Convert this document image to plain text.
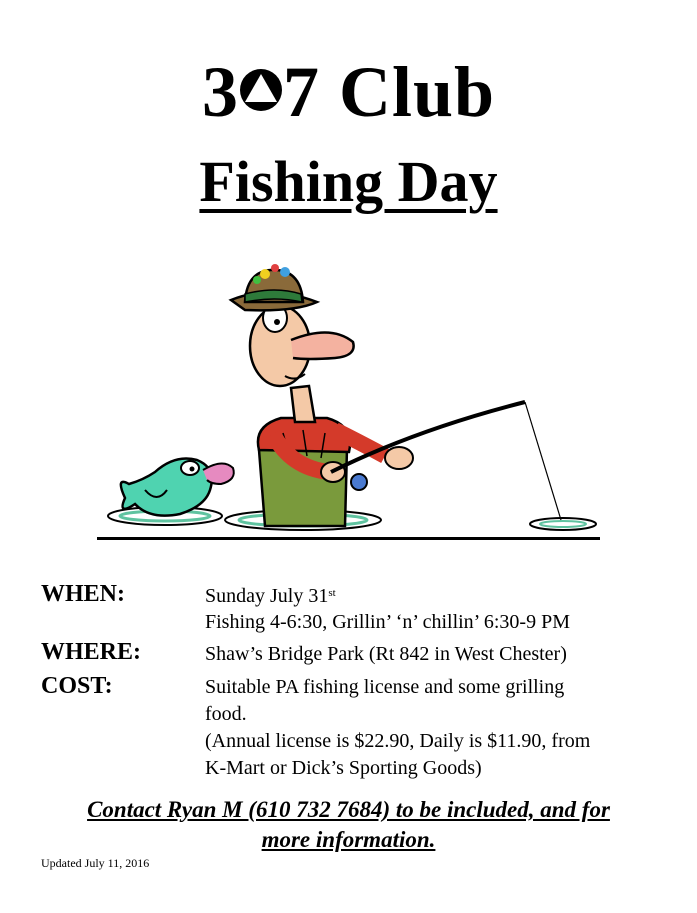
3 7 Club
Fishing Day
WHEN:	Sunday July 31st
Fishing 4-6:30, Grillin’ ‘n’ chillin’ 6:30-9 PM
WHERE:	Shaw’s Bridge Park (Rt 842 in West Chester)
COST:	Suitable PA fishing license and some grilling
food.
(Annual license is $22.90, Daily is $11.90, from
K-Mart or Dick’s Sporting Goods)
Contact Ryan M (610 732 7684) to be included, and for
more information.
Updated July 11, 2016
